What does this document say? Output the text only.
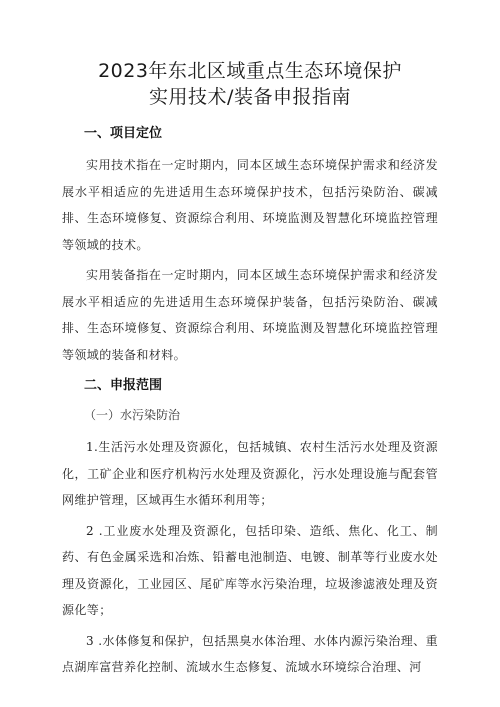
2023年东北区域重点生态环境保护
实用技术/装备申报指南
一、项目定位
实用技术指在一定时期内，同本区域生态环境保护需求和经济发展水平相适应的先进适用生态环境保护技术，包括污染防治、碳减排、生态环境修复、资源综合利用、环境监测及智慧化环境监控管理等领域的技术。
实用装备指在一定时期内，同本区域生态环境保护需求和经济发展水平相适应的先进适用生态环境保护装备，包括污染防治、碳减排、生态环境修复、资源综合利用、环境监测及智慧化环境监控管理等领域的装备和材料。
二、申报范围
（一）水污染防治
1.生活污水处理及资源化，包括城镇、农村生活污水处理及资源化，工矿企业和医疗机构污水处理及资源化，污水处理设施与配套管网维护管理，区域再生水循环利用等；
2 .工业废水处理及资源化，包括印染、造纸、焦化、化工、制药、有色金属采选和冶炼、铅蓄电池制造、电镀、制革等行业废水处理及资源化，工业园区、尾矿库等水污染治理，垃圾渗滤液处理及资源化等；
3 .水体修复和保护，包括黑臭水体治理、水体内源污染治理、重点湖库富营养化控制、流域水生态修复、流域水环境综合治理、河
